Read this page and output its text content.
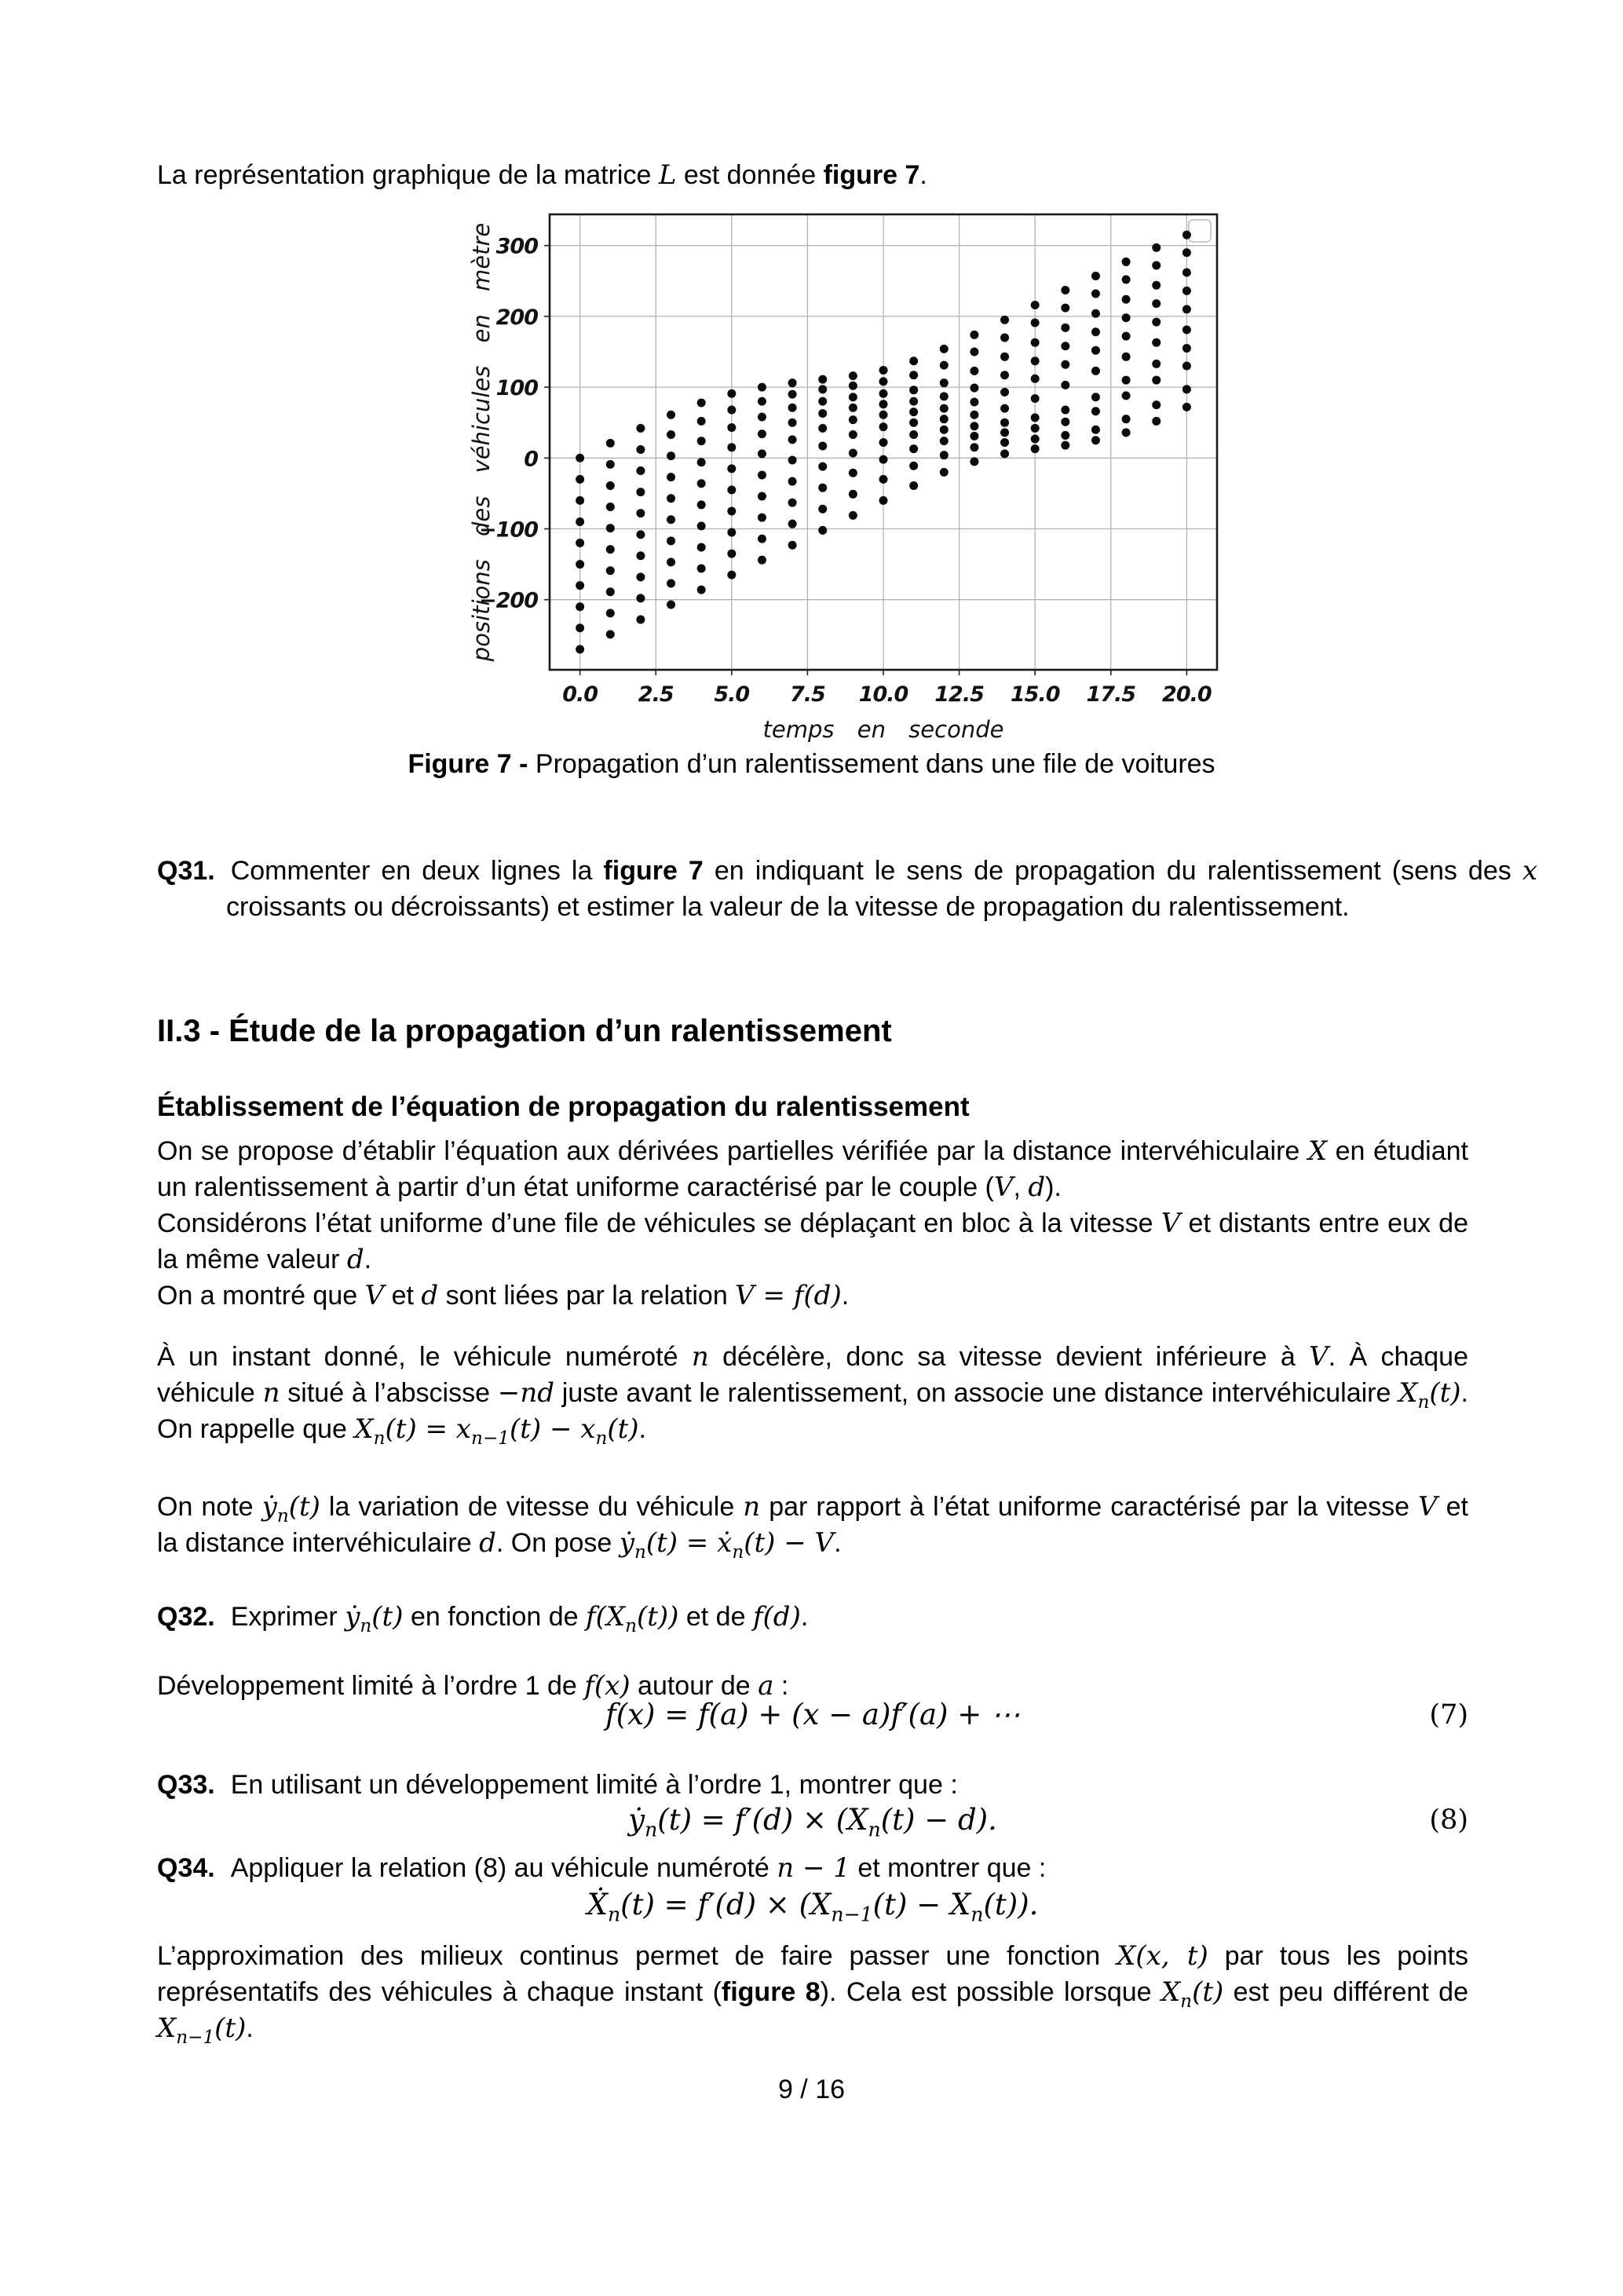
La représentation graphique de la matrice L est donnée figure 7.

0.0 2.5 5.0 7.5 10.0 12.5 15.0 17.5 20.0
−200
−100
0
100
200
300
temps en seconde
positions des véhicules en mètre

Figure 7 - Propagation d’un ralentissement dans une file de voitures

Q31. Commenter en deux lignes la figure 7 en indiquant le sens de propagation du ralentissement (sens des x croissants ou décroissants) et estimer la valeur de la vitesse de propagation du ralentissement.

II.3 - Étude de la propagation d’un ralentissement
Établissement de l’équation de propagation du ralentissement

On se propose d’établir l’équation aux dérivées partielles vérifiée par la distance intervéhiculaire X en étudiant un ralentissement à partir d’un état uniforme caractérisé par le couple (V, d).

Considérons l’état uniforme d’une file de véhicules se déplaçant en bloc à la vitesse V et distants entre eux de la même valeur d.

On a montré que V et d sont liées par la relation V = f(d).

À un instant donné, le véhicule numéroté n décélère, donc sa vitesse devient inférieure à V. À chaque véhicule n situé à l’abscisse −nd juste avant le ralentissement, on associe une distance intervéhiculaire $X_n(t)$. On rappelle que $X_n(t) = x_{n-1}(t) - x_n(t)$.

On note ẏ$_n$(t) la variation de vitesse du véhicule n par rapport à l’état uniforme caractérisé par la vitesse V et la distance intervéhiculaire d. On pose ẏ$_n$(t) = ẋ$_n$(t) − V.

Q32. Exprimer ẏ$_n$(t) en fonction de $f(X_n(t))$ et de f(d).

Développement limité à l’ordre 1 de f(x) autour de a :

f(x) = f(a) + (x − a)f′(a) + ⋯	(7)

Q33. En utilisant un développement limité à l’ordre 1, montrer que :

ẏ$_n$(t) = $f'(d) \times (X_n(t) - d)$.	(8)

Q34. Appliquer la relation (8) au véhicule numéroté n − 1 et montrer que :

Ẋ$_n$(t) = $f'(d) \times (X_{n-1}(t) - X_n(t))$.

L’approximation des milieux continus permet de faire passer une fonction X(x, t) par tous les points représentatifs des véhicules à chaque instant (figure 8). Cela est possible lorsque $X_n(t)$ est peu différent de $X_{n-1}(t)$.

9 / 16
